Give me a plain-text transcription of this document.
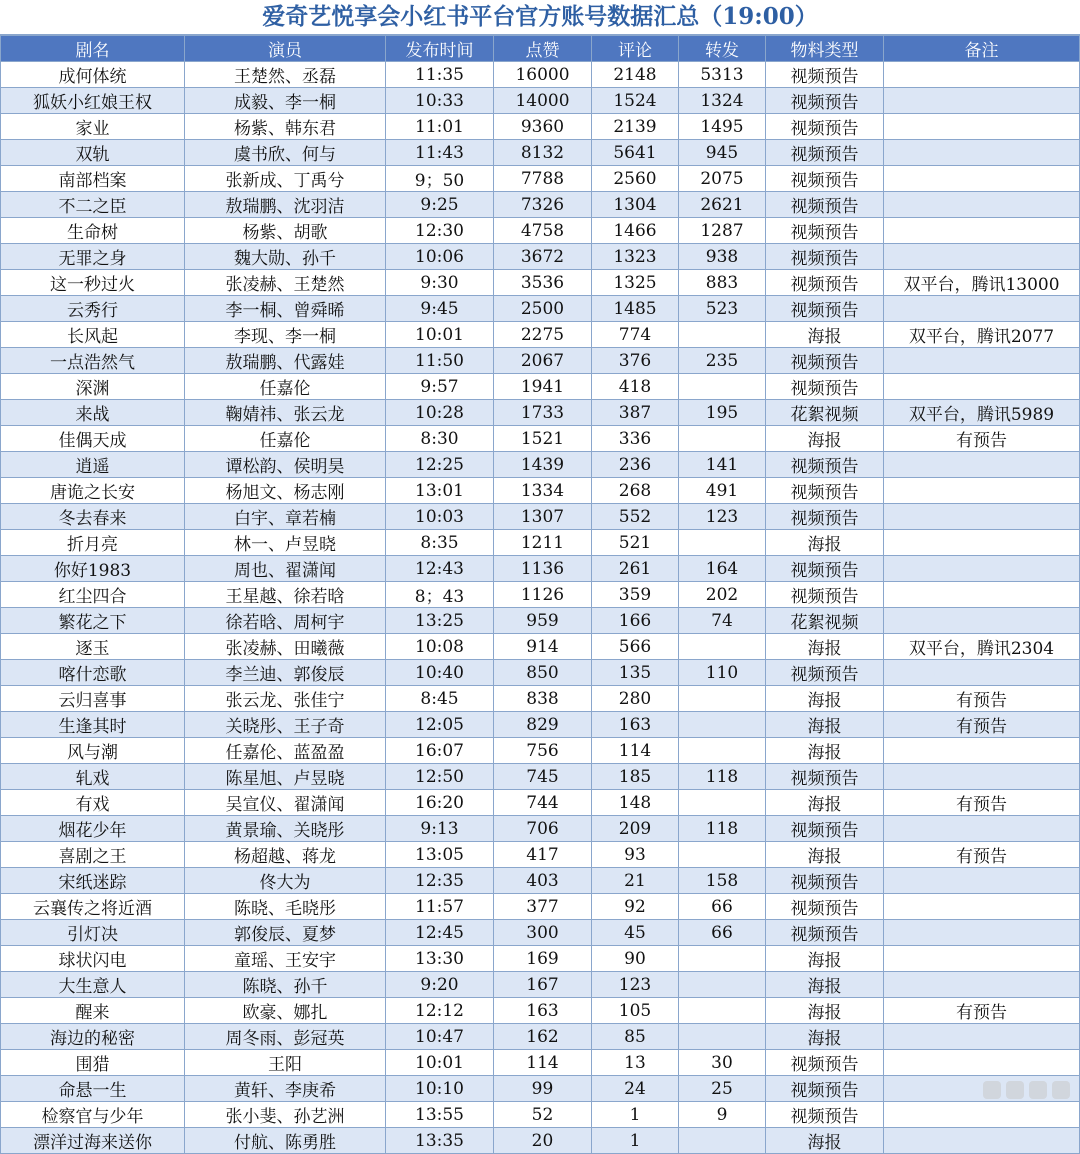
爱奇艺悦享会小红书平台官方账号数据汇总（19:00）
剧名	演员	发布时间	点赞	评论	转发	物料类型	备注
成何体统	王楚然、丞磊	11:35	16000	2148	5313	视频预告	
狐妖小红娘王权	成毅、李一桐	10:33	14000	1524	1324	视频预告	
家业	杨紫、韩东君	11:01	9360	2139	1495	视频预告	
双轨	虞书欣、何与	11:43	8132	5641	945	视频预告	
南部档案	张新成、丁禹兮	9；50	7788	2560	2075	视频预告	
不二之臣	敖瑞鹏、沈羽洁	9:25	7326	1304	2621	视频预告	
生命树	杨紫、胡歌	12:30	4758	1466	1287	视频预告	
无罪之身	魏大勋、孙千	10:06	3672	1323	938	视频预告	
这一秒过火	张凌赫、王楚然	9:30	3536	1325	883	视频预告	双平台，腾讯13000
云秀行	李一桐、曾舜晞	9:45	2500	1485	523	视频预告	
长风起	李现、李一桐	10:01	2275	774		海报	双平台，腾讯2077
一点浩然气	敖瑞鹏、代露娃	11:50	2067	376	235	视频预告	
深渊	任嘉伦	9:57	1941	418		视频预告	
来战	鞠婧祎、张云龙	10:28	1733	387	195	花絮视频	双平台，腾讯5989
佳偶天成	任嘉伦	8:30	1521	336		海报	有预告
逍遥	谭松韵、侯明昊	12:25	1439	236	141	视频预告	
唐诡之长安	杨旭文、杨志刚	13:01	1334	268	491	视频预告	
冬去春来	白宇、章若楠	10:03	1307	552	123	视频预告	
折月亮	林一、卢昱晓	8:35	1211	521		海报	
你好1983	周也、翟潇闻	12:43	1136	261	164	视频预告	
红尘四合	王星越、徐若晗	8；43	1126	359	202	视频预告	
繁花之下	徐若晗、周柯宇	13:25	959	166	74	花絮视频	
逐玉	张凌赫、田曦薇	10:08	914	566		海报	双平台，腾讯2304
喀什恋歌	李兰迪、郭俊辰	10:40	850	135	110	视频预告	
云归喜事	张云龙、张佳宁	8:45	838	280		海报	有预告
生逢其时	关晓彤、王子奇	12:05	829	163		海报	有预告
风与潮	任嘉伦、蓝盈盈	16:07	756	114		海报	
轧戏	陈星旭、卢昱晓	12:50	745	185	118	视频预告	
有戏	吴宣仪、翟潇闻	16:20	744	148		海报	有预告
烟花少年	黄景瑜、关晓彤	9:13	706	209	118	视频预告	
喜剧之王	杨超越、蒋龙	13:05	417	93		海报	有预告
宋纸迷踪	佟大为	12:35	403	21	158	视频预告	
云襄传之将近酒	陈晓、毛晓彤	11:57	377	92	66	视频预告	
引灯决	郭俊辰、夏梦	12:45	300	45	66	视频预告	
球状闪电	童瑶、王安宇	13:30	169	90		海报	
大生意人	陈晓、孙千	9:20	167	123		海报	
醒来	欧豪、娜扎	12:12	163	105		海报	有预告
海边的秘密	周冬雨、彭冠英	10:47	162	85		海报	
围猎	王阳	10:01	114	13	30	视频预告	
命悬一生	黄轩、李庚希	10:10	99	24	25	视频预告	
检察官与少年	张小斐、孙艺洲	13:55	52	1	9	视频预告	
漂洋过海来送你	付航、陈勇胜	13:35	20	1		海报	
